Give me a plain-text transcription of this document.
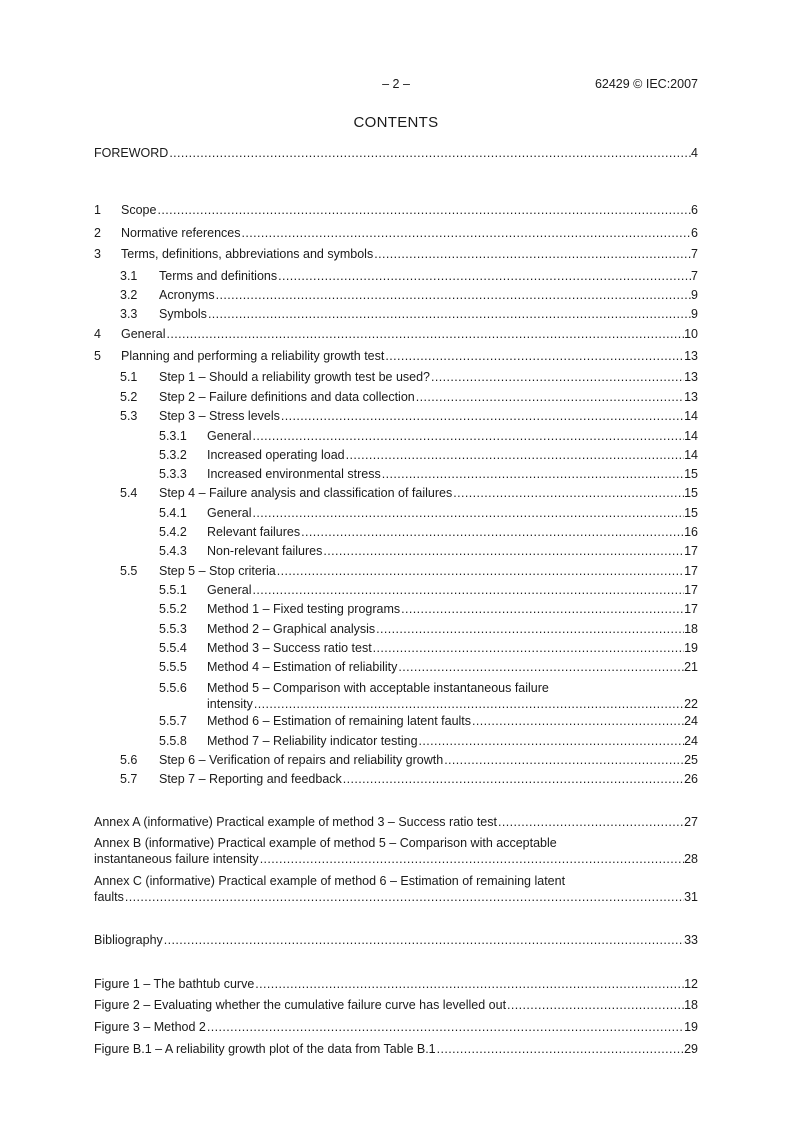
– 2 –	62429 © IEC:2007
CONTENTS
FOREWORD .....	4
1 Scope .....	6
2 Normative references .....	6
3 Terms, definitions, abbreviations and symbols .....	7
3.1 Terms and definitions .....	7
3.2 Acronyms .....	9
3.3 Symbols .....	9
4 General .....	10
5 Planning and performing a reliability growth test .....	13
5.1 Step 1 – Should a reliability growth test be used? .....	13
5.2 Step 2 – Failure definitions and data collection .....	13
5.3 Step 3 – Stress levels .....	14
5.3.1 General .....	14
5.3.2 Increased operating load .....	14
5.3.3 Increased environmental stress .....	15
5.4 Step 4 – Failure analysis and classification of failures .....	15
5.4.1 General .....	15
5.4.2 Relevant failures .....	16
5.4.3 Non-relevant failures .....	17
5.5 Step 5 – Stop criteria .....	17
5.5.1 General .....	17
5.5.2 Method 1 – Fixed testing programs .....	17
5.5.3 Method 2 – Graphical analysis .....	18
5.5.4 Method 3 – Success ratio test .....	19
5.5.5 Method 4 – Estimation of reliability .....	21
5.5.6 Method 5 – Comparison with acceptable instantaneous failure
intensity .....	22
5.5.7 Method 6 – Estimation of remaining latent faults .....	24
5.5.8 Method 7 – Reliability indicator testing .....	24
5.6 Step 6 – Verification of repairs and reliability growth .....	25
5.7 Step 7 – Reporting and feedback .....	26
Annex A (informative) Practical example of method 3 – Success ratio test .....	27
Annex B (informative) Practical example of method 5 – Comparison with acceptable
instantaneous failure intensity .....	28
Annex C (informative) Practical example of method 6 – Estimation of remaining latent
faults .....	31
Bibliography .....	33
Figure 1 – The bathtub curve .....	12
Figure 2 – Evaluating whether the cumulative failure curve has levelled out .....	18
Figure 3 – Method 2 .....	19
Figure B.1 – A reliability growth plot of the data from Table B.1 .....	29
